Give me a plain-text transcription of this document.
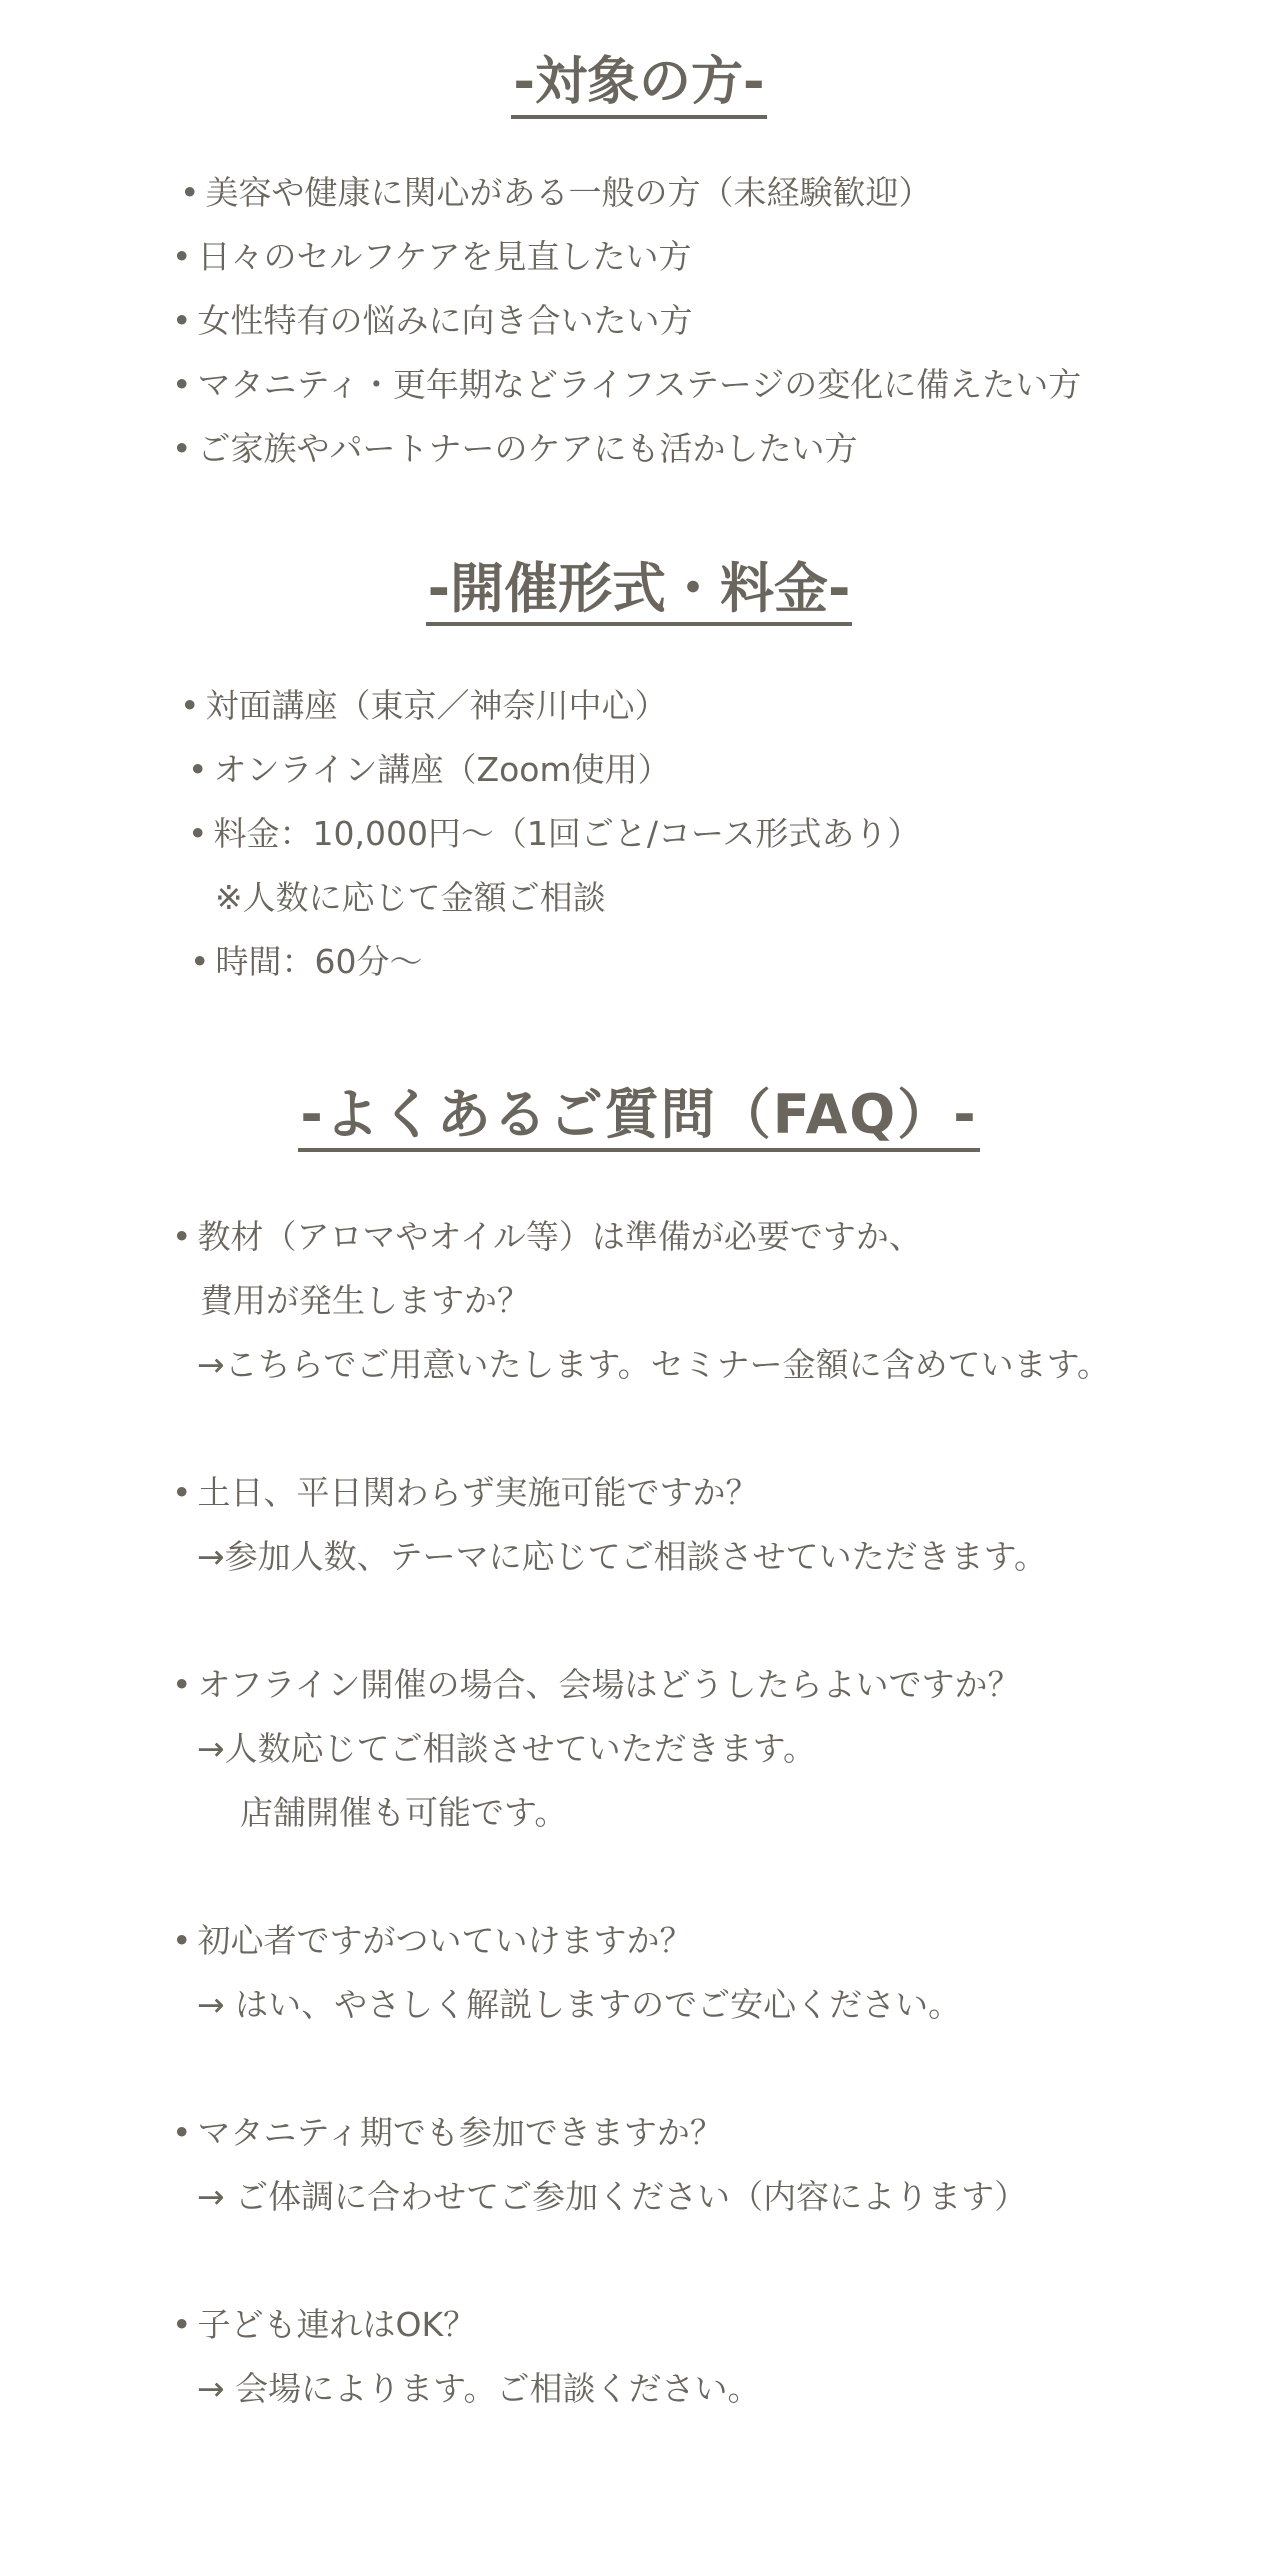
-対象の方-

• 美容や健康に関心がある一般の方（未経験歓迎）

• 日々のセルフケアを見直したい方

• 女性特有の悩みに向き合いたい方

• マタニティ・更年期などライフステージの変化に備えたい方

• ご家族やパートナーのケアにも活かしたい方

-開催形式・料金-

• 対面講座（東京／神奈川中心）

• オンライン講座（Zoom使用）

• 料金：10,000円〜（1回ごと/コース形式あり）

※人数に応じて金額ご相談

• 時間：60分〜

-よくあるご質問（FAQ）-

• 教材（アロマやオイル等）は準備が必要ですか、

費用が発生しますか？

→こちらでご用意いたします。セミナー金額に含めています。

• 土日、平日関わらず実施可能ですか？

→参加人数、テーマに応じてご相談させていただきます。

• オフライン開催の場合、会場はどうしたらよいですか？

→人数応じてご相談させていただきます。

店舗開催も可能です。

• 初心者ですがついていけますか？

→ はい、やさしく解説しますのでご安心ください。

• マタニティ期でも参加できますか？

→ ご体調に合わせてご参加ください（内容によります）

• 子ども連れはOK？

→ 会場によります。ご相談ください。
